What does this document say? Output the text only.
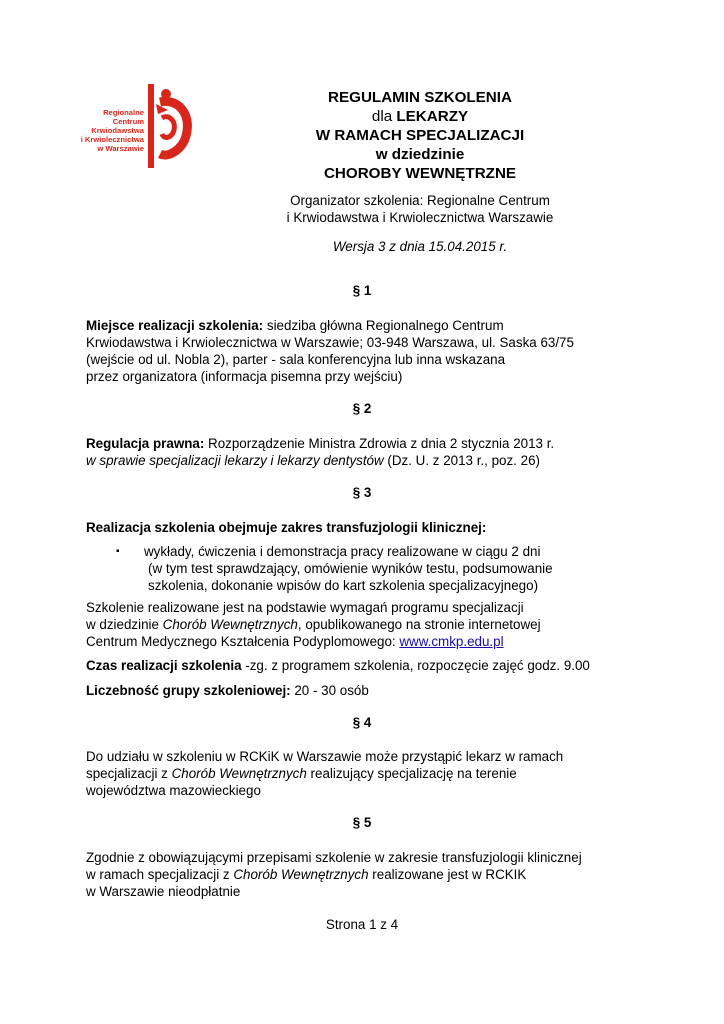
Regionalne
Centrum
Krwiodawstwa
i Krwiolecznictwa
w Warszawie
REGULAMIN SZKOLENIA
dla LEKARZY
W RAMACH SPECJALIZACJI
w dziedzinie
CHOROBY WEWNĘTRZNE
Organizator szkolenia: Regionalne Centrum
i Krwiodawstwa i Krwiolecznictwa Warszawie
Wersja 3 z dnia 15.04.2015 r.
§ 1
Miejsce realizacji szkolenia: siedziba główna Regionalnego Centrum
Krwiodawstwa i Krwiolecznictwa w Warszawie; 03-948 Warszawa, ul. Saska 63/75
(wejście od ul. Nobla 2), parter - sala konferencyjna lub inna wskazana
przez organizatora (informacja pisemna przy wejściu)
§ 2
Regulacja prawna: Rozporządzenie Ministra Zdrowia z dnia 2 stycznia 2013 r.
w sprawie specjalizacji lekarzy i lekarzy dentystów (Dz. U. z 2013 r., poz. 26)
§ 3
Realizacja szkolenia obejmuje zakres transfuzjologii klinicznej:
▪ wykłady, ćwiczenia i demonstracja pracy realizowane w ciągu 2 dni
(w tym test sprawdzający, omówienie wyników testu, podsumowanie
szkolenia, dokonanie wpisów do kart szkolenia specjalizacyjnego)
Szkolenie realizowane jest na podstawie wymagań programu specjalizacji
w dziedzinie Chorób Wewnętrznych, opublikowanego na stronie internetowej
Centrum Medycznego Kształcenia Podyplomowego: www.cmkp.edu.pl
Czas realizacji szkolenia -zg. z programem szkolenia, rozpoczęcie zajęć godz. 9.00
Liczebność grupy szkoleniowej: 20 - 30 osób
§ 4
Do udziału w szkoleniu w RCKiK w Warszawie może przystąpić lekarz w ramach
specjalizacji z Chorób Wewnętrznych realizujący specjalizację na terenie
województwa mazowieckiego
§ 5
Zgodnie z obowiązującymi przepisami szkolenie w zakresie transfuzjologii klinicznej
w ramach specjalizacji z Chorób Wewnętrznych realizowane jest w RCKIK
w Warszawie nieodpłatnie
Strona 1 z 4
